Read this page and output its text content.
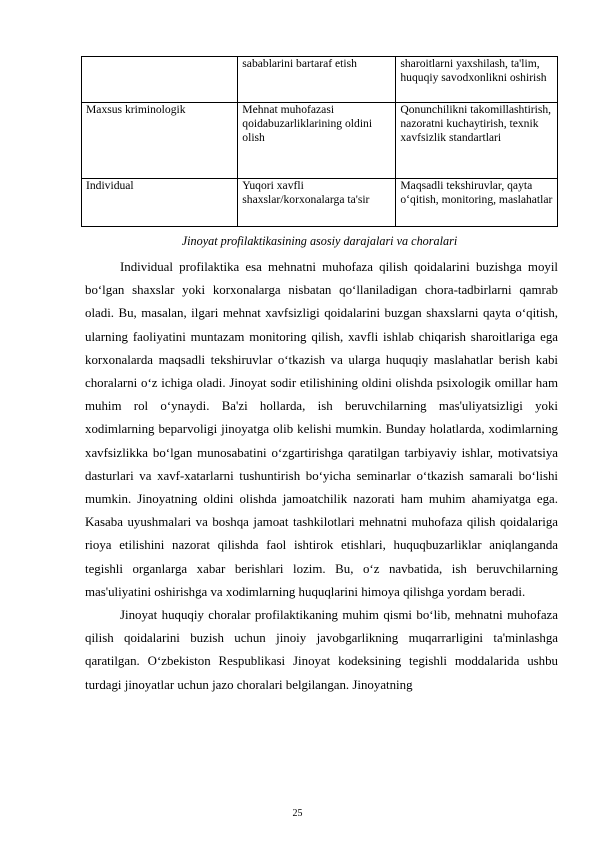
	sabablarini bartaraf etish	sharoitlarni yaxshilash, ta'lim, huquqiy savodxonlikni oshirish
Maxsus kriminologik	Mehnat muhofazasi qoidabuzarliklarining oldini olish	Qonunchilikni takomillashtirish, nazoratni kuchaytirish, texnik xavfsizlik standartlari
Individual	Yuqori xavfli shaxslar/korxonalarga ta'sir	Maqsadli tekshiruvlar, qayta o‘qitish, monitoring, maslahatlar
Jinoyat profilaktikasining asosiy darajalari va choralari

Individual profilaktika esa mehnatni muhofaza qilish qoidalarini buzishga moyil bo‘lgan shaxslar yoki korxonalarga nisbatan qo‘llaniladigan chora-tadbirlarni qamrab oladi. Bu, masalan, ilgari mehnat xavfsizligi qoidalarini buzgan shaxslarni qayta o‘qitish, ularning faoliyatini muntazam monitoring qilish, xavfli ishlab chiqarish sharoitlariga ega korxonalarda maqsadli tekshiruvlar o‘tkazish va ularga huquqiy maslahatlar berish kabi choralarni o‘z ichiga oladi. Jinoyat sodir etilishining oldini olishda psixologik omillar ham muhim rol o‘ynaydi. Ba'zi hollarda, ish beruvchilarning mas'uliyatsizligi yoki xodimlarning beparvoligi jinoyatga olib kelishi mumkin. Bunday holatlarda, xodimlarning xavfsizlikka bo‘lgan munosabatini o‘zgartirishga qaratilgan tarbiyaviy ishlar, motivatsiya dasturlari va xavf-xatarlarni tushuntirish bo‘yicha seminarlar o‘tkazish samarali bo‘lishi mumkin. Jinoyatning oldini olishda jamoatchilik nazorati ham muhim ahamiyatga ega. Kasaba uyushmalari va boshqa jamoat tashkilotlari mehnatni muhofaza qilish qoidalariga rioya etilishini nazorat qilishda faol ishtirok etishlari, huquqbuzarliklar aniqlanganda tegishli organlarga xabar berishlari lozim. Bu, o‘z navbatida, ish beruvchilarning mas'uliyatini oshirishga va xodimlarning huquqlarini himoya qilishga yordam beradi.

Jinoyat huquqiy choralar profilaktikaning muhim qismi bo‘lib, mehnatni muhofaza qilish qoidalarini buzish uchun jinoiy javobgarlikning muqarrarligini ta'minlashga qaratilgan. O‘zbekiston Respublikasi Jinoyat kodeksining tegishli moddalarida ushbu turdagi jinoyatlar uchun jazo choralari belgilangan. Jinoyatning

25
